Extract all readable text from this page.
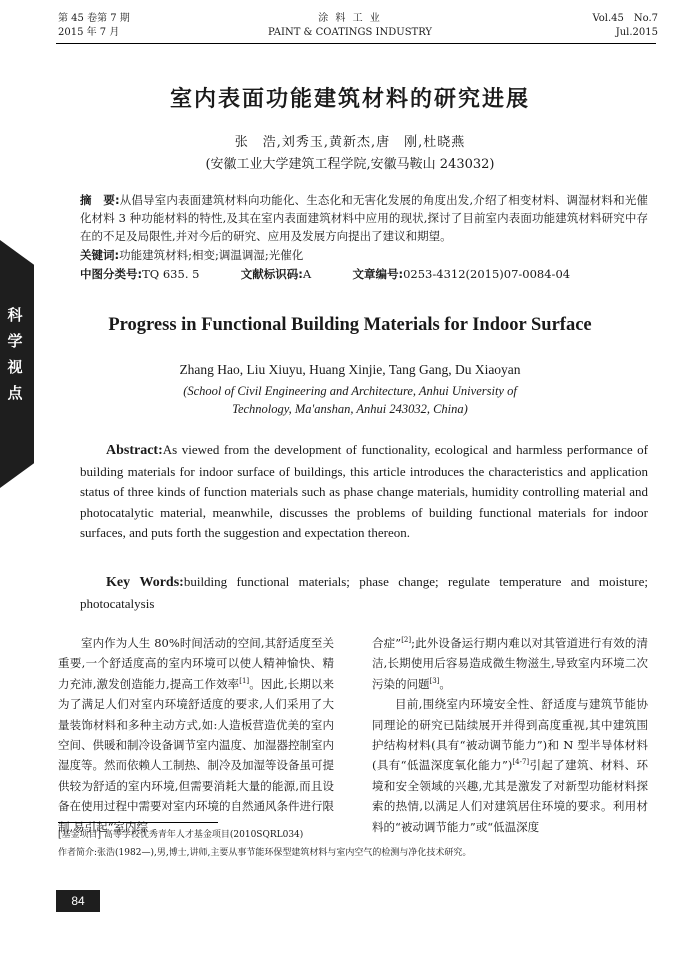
第 45 卷第 7 期
2015 年 7 月
涂 料 工 业
PAINT & COATINGS INDUSTRY
Vol.45　No.7
Jul.2015
科
学
视
点
室内表面功能建筑材料的研究进展
张　浩,刘秀玉,黄新杰,唐　刚,杜晓燕
(安徽工业大学建筑工程学院,安徽马鞍山 243032)
摘　要:从倡导室内表面建筑材料向功能化、生态化和无害化发展的角度出发,介绍了相变材料、调湿材料和光催化材料 3 种功能材料的特性,及其在室内表面建筑材料中应用的现状,探讨了目前室内表面功能建筑材料研究中存在的不足及局限性,并对今后的研究、应用及发展方向提出了建议和期望。
关键词:功能建筑材料;相变;调温调湿;光催化
中图分类号:TQ 635. 5	文献标识码:A	文章编号:0253-4312(2015)07-0084-04
Progress in Functional Building Materials for Indoor Surface
Zhang Hao, Liu Xiuyu, Huang Xinjie, Tang Gang, Du Xiaoyan
(School of Civil Engineering and Architecture, Anhui University of
Technology, Ma'anshan, Anhui 243032, China)
Abstract:As viewed from the development of functionality, ecological and harmless performance of building materials for indoor surface of buildings, this article introduces the characteristics and application status of three kinds of function materials such as phase change materials, humidity controlling material and photocatalytic material, meanwhile, discusses the problems of building functional materials for indoor surfaces, and puts forth the suggestion and expectation thereon.
Key Words:building functional materials; phase change; regulate temperature and moisture; photocatalysis

室内作为人生 80%时间活动的空间,其舒适度至关重要,一个舒适度高的室内环境可以使人精神愉快、精力充沛,激发创造能力,提高工作效率[1]。因此,长期以来为了满足人们对室内环境舒适度的要求,人们采用了大量装饰材料和多种主动方式,如:人造板营造优美的室内空间、供暖和制冷设备调节室内温度、加湿器控制室内湿度等。然而依赖人工制热、制冷及加湿等设备虽可提供较为舒适的室内环境,但需要消耗大量的能源,而且设备在使用过程中需要对室内环境的自然通风条件进行限制,易引起“室内综

合症”[2];此外设备运行期内难以对其管道进行有效的清洁,长期使用后容易造成微生物滋生,导致室内环境二次污染的问题[3]。

目前,围绕室内环境安全性、舒适度与建筑节能协同理论的研究已陆续展开并得到高度重视,其中建筑围护结构材料(具有“被动调节能力”)和 N 型半导体材料(具有“低温深度氧化能力”)[4-7]引起了建筑、材料、环境和安全领域的兴趣,尤其是激发了对新型功能材料探索的热情,以满足人们对建筑居住环境的要求。利用材料的“被动调节能力”或“低温深度

[基金项目] 高等学校优秀青年人才基金项目(2010SQRL034)
作者简介:张浩(1982—),男,博士,讲师,主要从事节能环保型建筑材料与室内空气的检测与净化技术研究。
84
